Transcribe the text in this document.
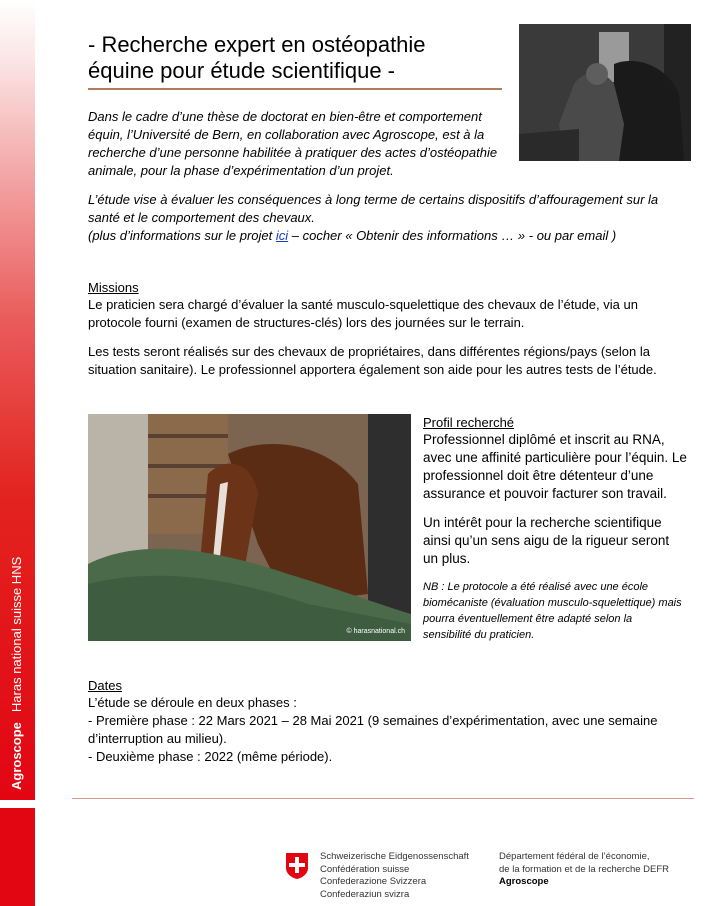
AgroscopeHaras national suisse HNS
- Recherche expert en ostéopathie
équine pour étude scientifique -

Dans le cadre d’une thèse de doctorat en bien-être et comportement équin, l’Université de Bern, en collaboration avec Agroscope, est à la recherche d’une personne habilitée à pratiquer des actes d’ostéopathie animale, pour la phase d’expérimentation d’un projet.

L’étude vise à évaluer les conséquences à long terme de certains dispositifs d’affouragement sur la santé et le comportement des chevaux.
(plus d’informations sur le projet ici – cocher « Obtenir des informations … » - ou par email )

Missions

Le praticien sera chargé d’évaluer la santé musculo-squelettique des chevaux de l’étude, via un protocole fourni (examen de structures-clés) lors des journées sur le terrain.

Les tests seront réalisés sur des chevaux de propriétaires, dans différentes régions/pays (selon la situation sanitaire). Le professionnel apportera également son aide pour les autres tests de l’étude.

© harasnational.ch

Profil recherché

Professionnel diplômé et inscrit au RNA, avec une affinité particulière pour l’équin. Le professionnel doit être détenteur d’une assurance et pouvoir facturer son travail.

Un intérêt pour la recherche scientifique ainsi qu’un sens aigu de la rigueur seront un plus.

NB : Le protocole a été réalisé avec une école biomécaniste (évaluation musculo-squelettique) mais pourra éventuellement être adapté selon la sensibilité du praticien.

Dates

L’étude se déroule en deux phases :
- Première phase : 22 Mars 2021 – 28 Mai 2021 (9 semaines d’expérimentation, avec une semaine d’interruption au milieu).
- Deuxième phase : 2022 (même période).

Schweizerische Eidgenossenschaft
Confédération suisse
Confederazione Svizzera
Confederaziun svizra
Département fédéral de l’économie,
de la formation et de la recherche DEFR
Agroscope
